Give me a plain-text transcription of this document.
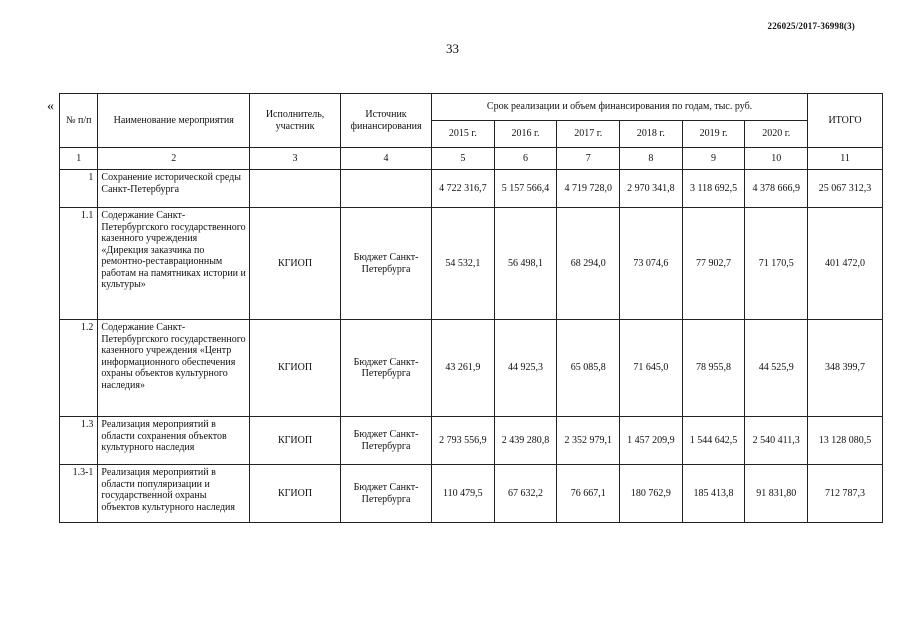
226025/2017-36998(3)
33
«
№ п/п	Наименование мероприятия	Исполнитель, участник	Источник финансирования	Срок реализации и объем финансирования по годам, тыс. руб.						ИТОГО
				2015 г.	2016 г.	2017 г.	2018 г.	2019 г.	2020 г.	
1	2	3	4	5	6	7	8	9	10	11
1	Сохранение исторической среды Санкт-Петербурга			4 722 316,7	5 157 566,4	4 719 728,0	2 970 341,8	3 118 692,5	4 378 666,9	25 067 312,3
1.1	Содержание Санкт-Петербургского государственного казенного учреждения «Дирекция заказчика по ремонтно-реставрационным работам на памятниках истории и культуры»	КГИОП	Бюджет Санкт-Петербурга	54 532,1	56 498,1	68 294,0	73 074,6	77 902,7	71 170,5	401 472,0
1.2	Содержание Санкт-Петербургского государственного казенного учреждения «Центр информационного обеспечения охраны объектов культурного наследия»	КГИОП	Бюджет Санкт-Петербурга	43 261,9	44 925,3	65 085,8	71 645,0	78 955,8	44 525,9	348 399,7
1.3	Реализация мероприятий в области сохранения объектов культурного наследия	КГИОП	Бюджет Санкт-Петербурга	2 793 556,9	2 439 280,8	2 352 979,1	1 457 209,9	1 544 642,5	2 540 411,3	13 128 080,5
1.3-1	Реализация мероприятий в области популяризации и государственной охраны объектов культурного наследия	КГИОП	Бюджет Санкт-Петербурга	110 479,5	67 632,2	76 667,1	180 762,9	185 413,8	91 831,80	712 787,3
